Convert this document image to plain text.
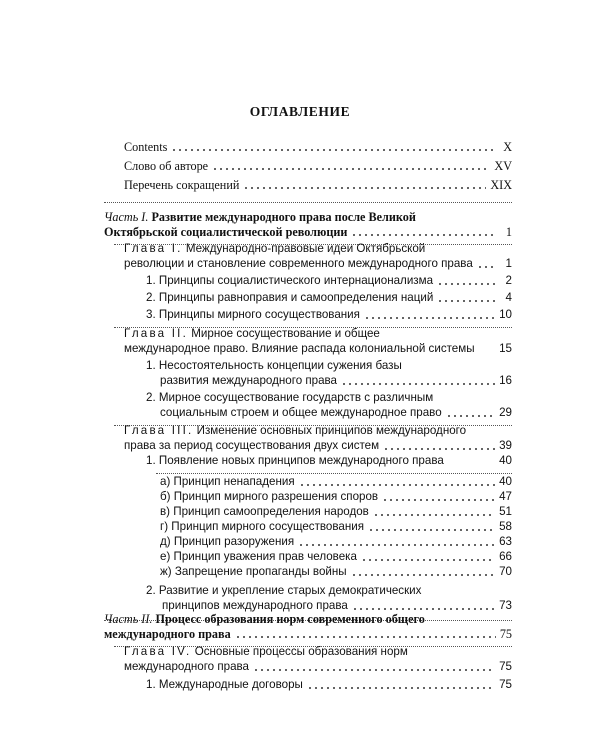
ОГЛАВЛЕНИЕ
Contents	X
Слово об авторе	XV
Перечень сокращений	XIX
Часть I. Развитие международного права после Великой
Октябрьской социалистической революции	1
Глава I. Международно-правовые идеи Октябрьской
революции и становление современного международного права	1
1. Принципы социалистического интернационализма	2
2. Принципы равноправия и самоопределения наций	4
3. Принципы мирного сосуществования	10
Глава II. Мирное сосуществование и общее
международное право. Влияние распада колониальной системы 15
1. Несостоятельность концепции сужения базы
развития международного права	16
2. Мирное сосуществование государств с различным
социальным строем и общее международное право	29
Глава III. Изменение основных принципов международного
права за период сосуществования двух систем	39
1. Появление новых принципов международного права	40
а) Принцип ненападения	40
б) Принцип мирного разрешения споров	47
в) Принцип самоопределения народов	51
г) Принцип мирного сосуществования	58
д) Принцип разоружения	63
е) Принцип уважения прав человека	66
ж) Запрещение пропаганды войны	70
2. Развитие и укрепление старых демократических
принципов международного права	73
Часть II. Процесс образования норм современного общего
международного права	75
Глава IV. Основные процессы образования норм
международного права	75
1. Международные договоры	75
